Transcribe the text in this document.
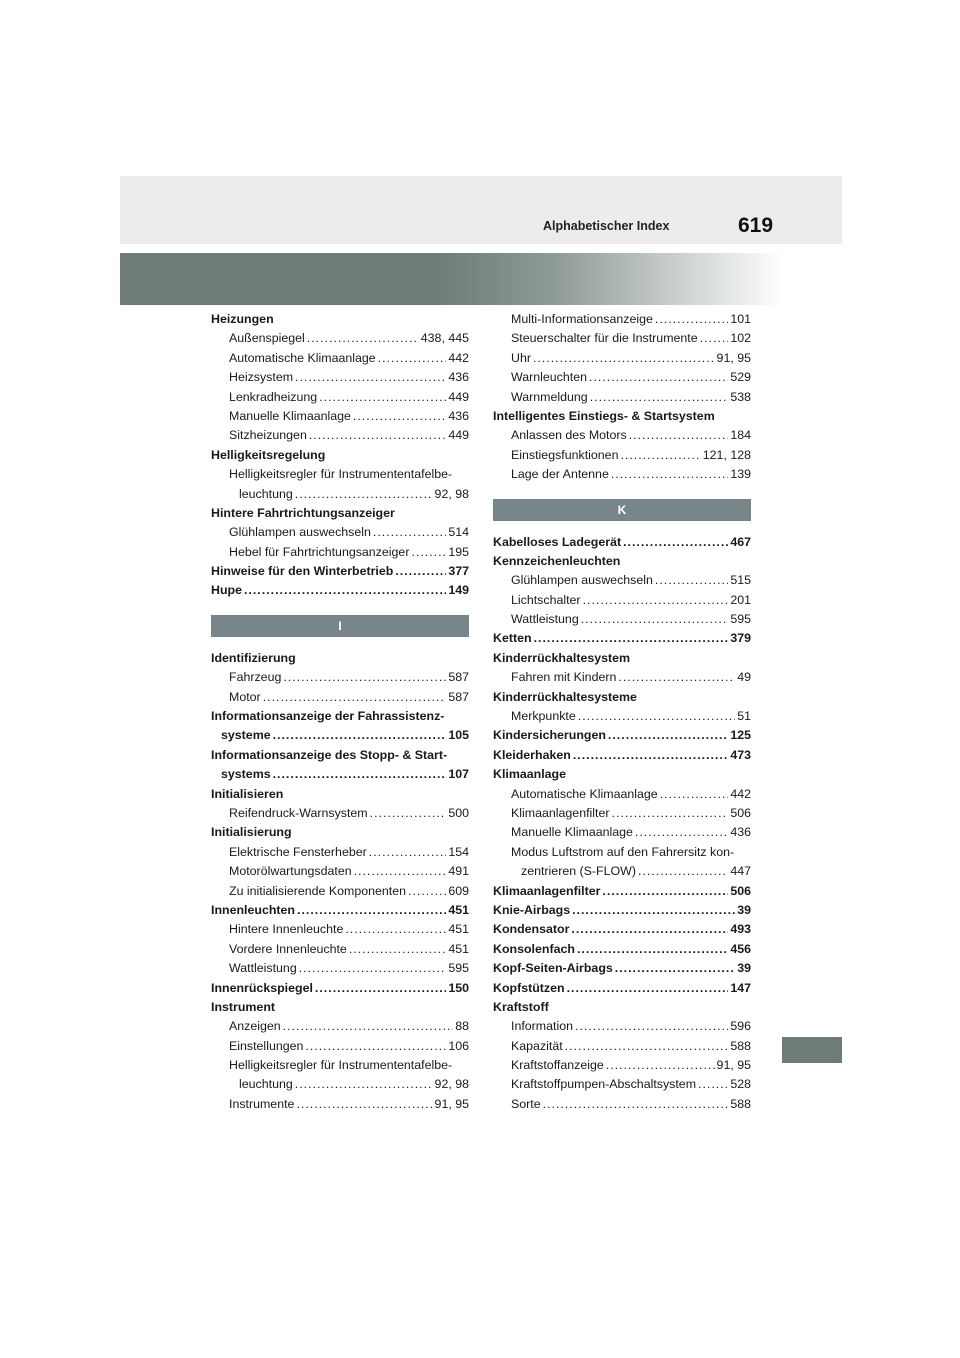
Alphabetischer Index	619
Heizungen
Außenspiegel .....	438, 445
Automatische Klimaanlage .....	442
Heizsystem .....	436
Lenkradheizung .....	449
Manuelle Klimaanlage .....	436
Sitzheizungen .....	449
Helligkeitsregelung
Helligkeitsregler für Instrumententafelbe-
leuchtung .....	92, 98
Hintere Fahrtrichtungsanzeiger
Glühlampen auswechseln .....	514
Hebel für Fahrtrichtungsanzeiger .....	195
Hinweise für den Winterbetrieb .....	377
Hupe .....	149
I
Identifizierung
Fahrzeug .....	587
Motor .....	587
Informationsanzeige der Fahrassistenz-
systeme .....	105
Informationsanzeige des Stopp- & Start-
systems .....	107
Initialisieren
Reifendruck-Warnsystem .....	500
Initialisierung
Elektrische Fensterheber .....	154
Motorölwartungsdaten .....	491
Zu initialisierende Komponenten .....	609
Innenleuchten .....	451
Hintere Innenleuchte .....	451
Vordere Innenleuchte .....	451
Wattleistung .....	595
Innenrückspiegel .....	150
Instrument
Anzeigen .....	88
Einstellungen .....	106
Helligkeitsregler für Instrumententafelbe-
leuchtung .....	92, 98
Instrumente .....	91, 95
Multi-Informationsanzeige .....	101
Steuerschalter für die Instrumente .....	102
Uhr .....	91, 95
Warnleuchten .....	529
Warnmeldung .....	538
Intelligentes Einstiegs- & Startsystem
Anlassen des Motors .....	184
Einstiegsfunktionen .....	121, 128
Lage der Antenne .....	139
K
Kabelloses Ladegerät .....	467
Kennzeichenleuchten
Glühlampen auswechseln .....	515
Lichtschalter .....	201
Wattleistung .....	595
Ketten .....	379
Kinderrückhaltesystem
Fahren mit Kindern .....	49
Kinderrückhaltesysteme
Merkpunkte .....	51
Kindersicherungen .....	125
Kleiderhaken .....	473
Klimaanlage
Automatische Klimaanlage .....	442
Klimaanlagenfilter .....	506
Manuelle Klimaanlage .....	436
Modus Luftstrom auf den Fahrersitz kon-
zentrieren (S-FLOW) .....	447
Klimaanlagenfilter .....	506
Knie-Airbags .....	39
Kondensator .....	493
Konsolenfach .....	456
Kopf-Seiten-Airbags .....	39
Kopfstützen .....	147
Kraftstoff
Information .....	596
Kapazität .....	588
Kraftstoffanzeige .....	91, 95
Kraftstoffpumpen-Abschaltsystem .....	528
Sorte .....	588
